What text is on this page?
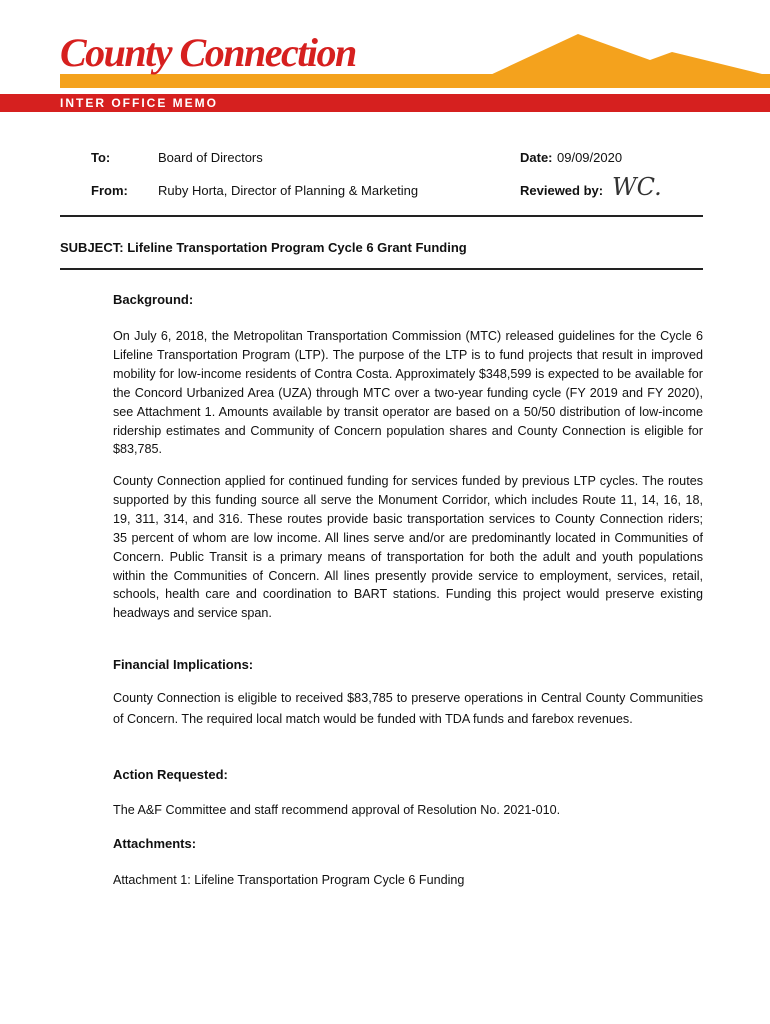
County Connection
INTER OFFICE MEMO
To:	Board of Directors
From: Ruby Horta, Director of Planning & Marketing
Date: 09/09/2020
Reviewed by: WC.
SUBJECT: Lifeline Transportation Program Cycle 6 Grant Funding
Background:

On July 6, 2018, the Metropolitan Transportation Commission (MTC) released guidelines for the Cycle 6 Lifeline Transportation Program (LTP). The purpose of the LTP is to fund projects that result in improved mobility for low-income residents of Contra Costa. Approximately $348,599 is expected to be available for the Concord Urbanized Area (UZA) through MTC over a two-year funding cycle (FY 2019 and FY 2020), see Attachment 1. Amounts available by transit operator are based on a 50/50 distribution of low-income ridership estimates and Community of Concern population shares and County Connection is eligible for $83,785.

County Connection applied for continued funding for services funded by previous LTP cycles. The routes supported by this funding source all serve the Monument Corridor, which includes Route 11, 14, 16, 18, 19, 311, 314, and 316. These routes provide basic transportation services to County Connection riders; 35 percent of whom are low income. All lines serve and/or are predominantly located in Communities of Concern. Public Transit is a primary means of transportation for both the adult and youth populations within the Communities of Concern. All lines presently provide service to employment, services, retail, schools, health care and coordination to BART stations. Funding this project would preserve existing headways and service span.

Financial Implications:

County Connection is eligible to received $83,785 to preserve operations in Central County Communities of Concern. The required local match would be funded with TDA funds and farebox revenues.

Action Requested:

The A&F Committee and staff recommend approval of Resolution No. 2021-010.

Attachments:

Attachment 1: Lifeline Transportation Program Cycle 6 Funding
